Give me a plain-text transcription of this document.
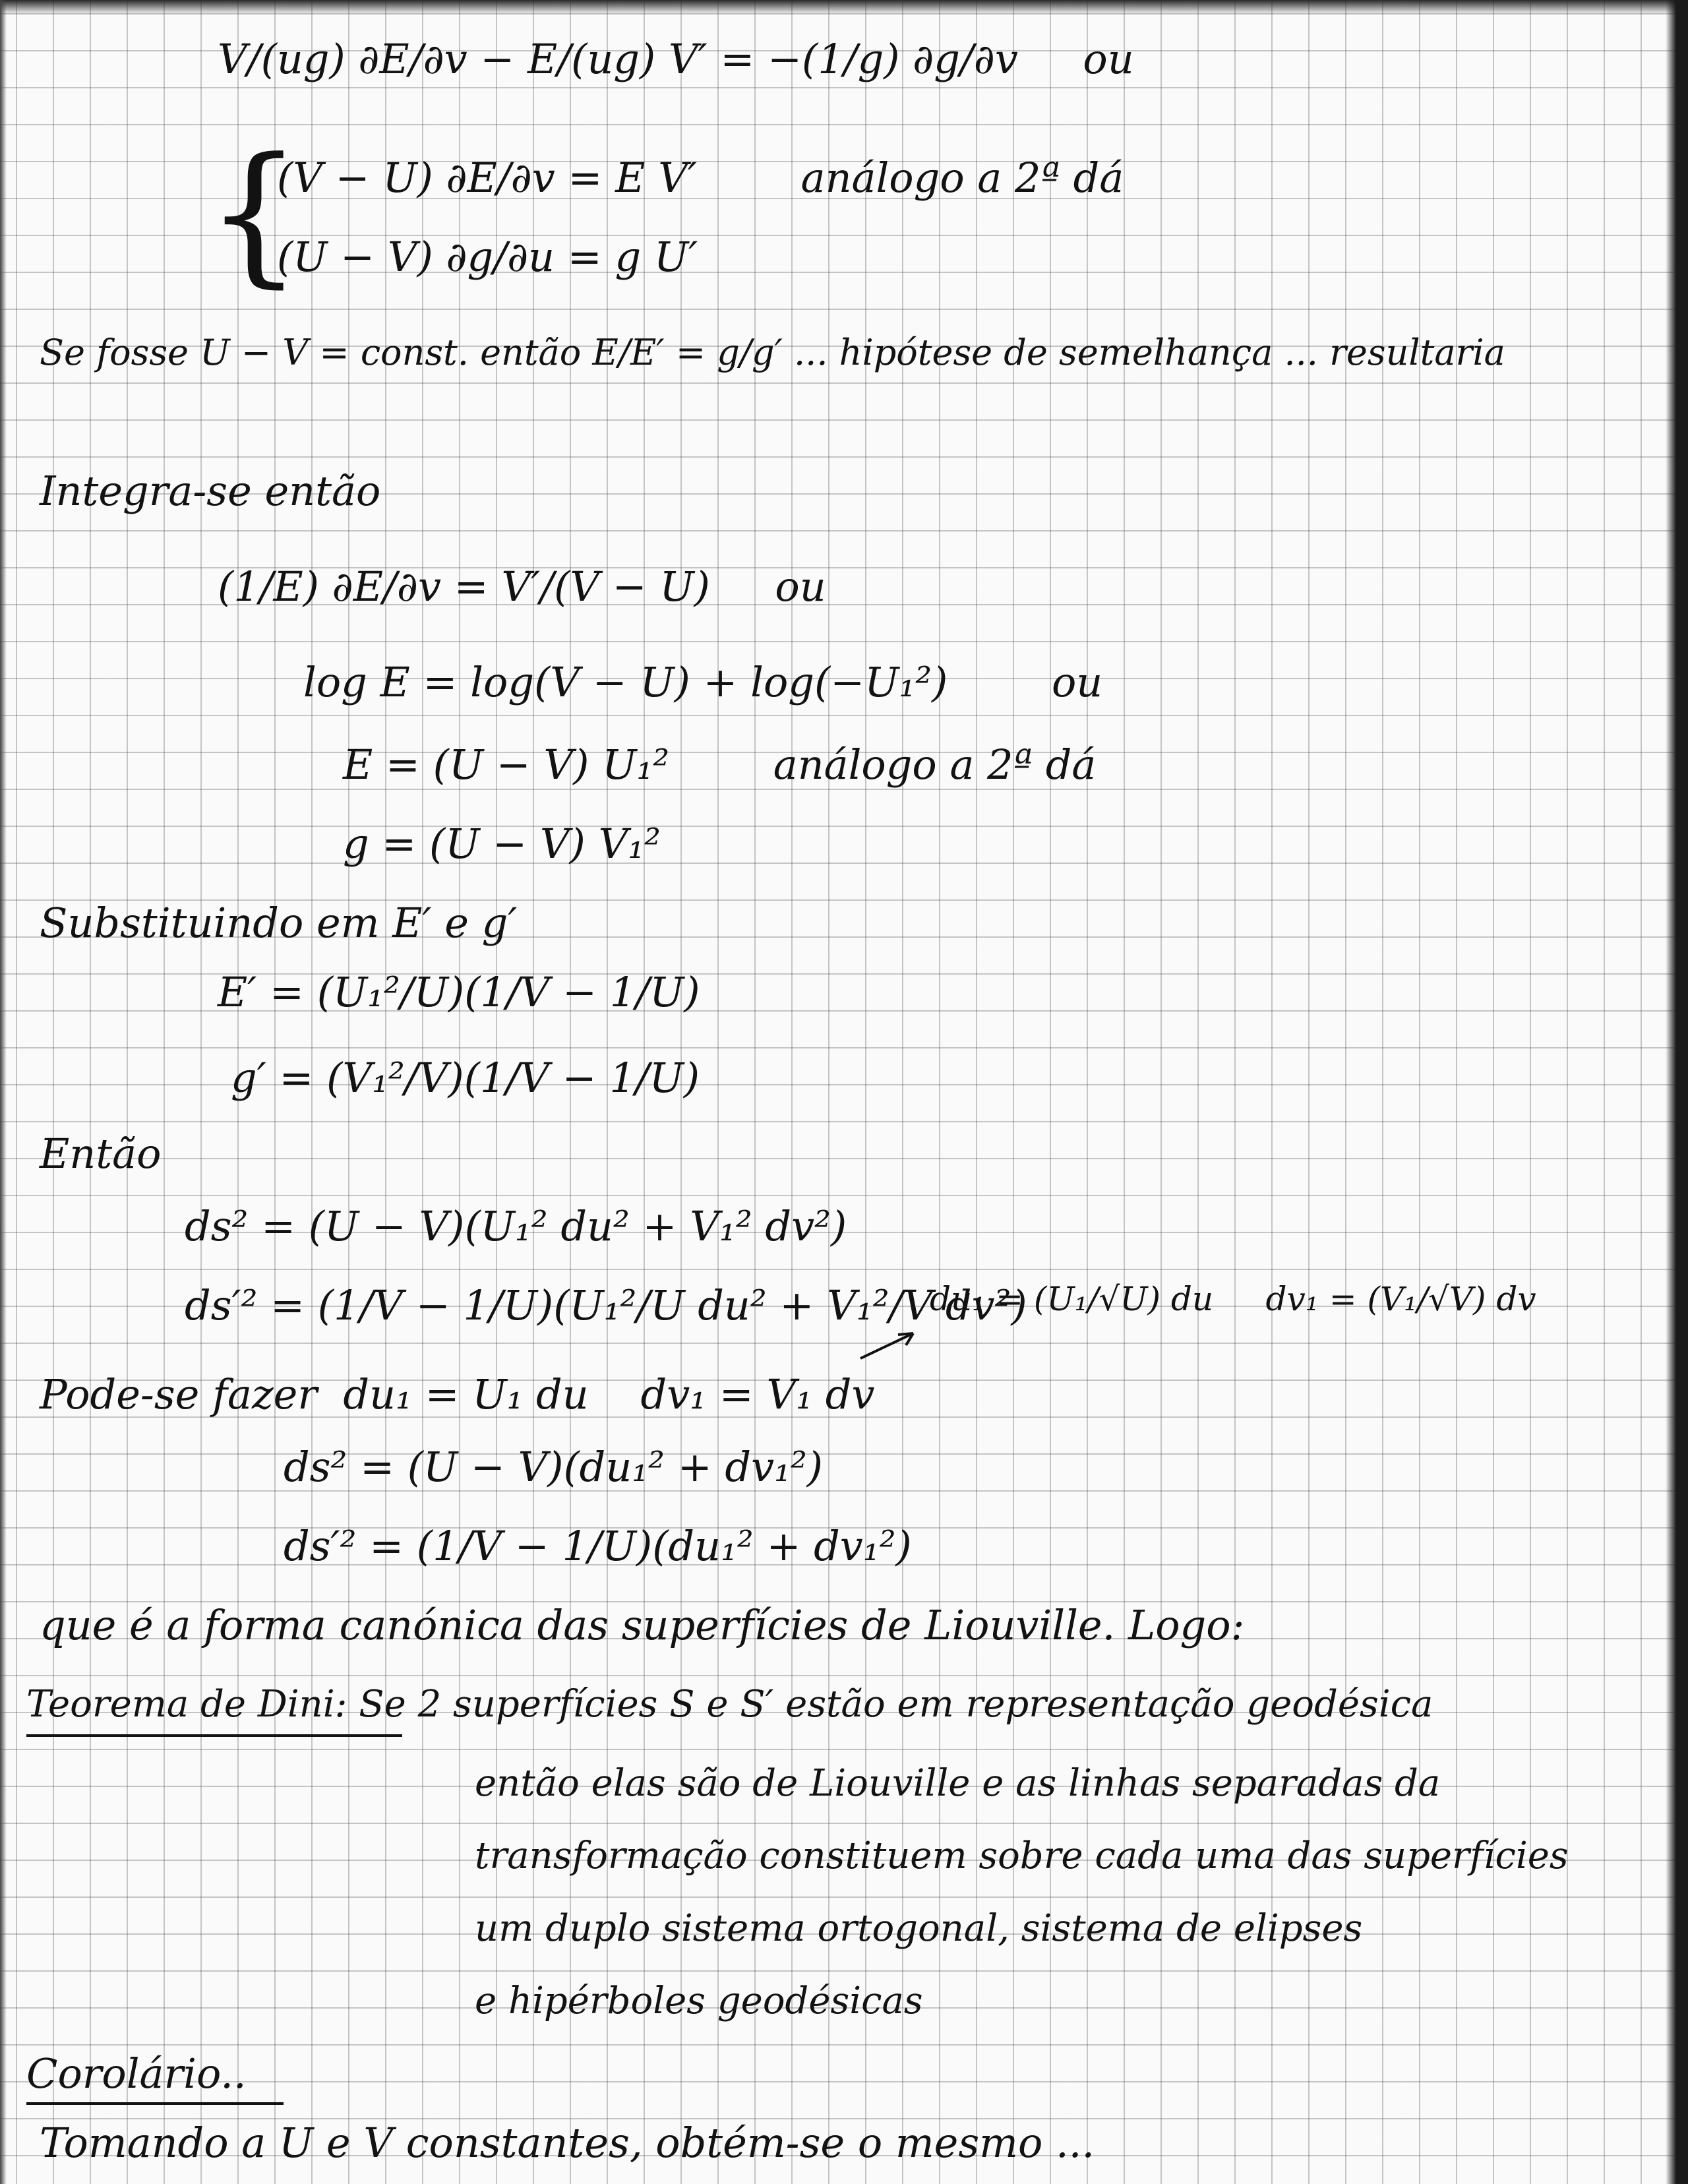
V/(ug) ∂E/∂v − E/(ug) V′ = −(1/g) ∂g/∂v     ou
{
(V − U) ∂E/∂v = E V′        análogo a 2ª dá
(U − V) ∂g/∂u = g U′
Se fosse U − V = const. então E/E′ = g/g′ ... hipótese de semelhança ... resultaria
Integra-se então
(1/E) ∂E/∂v = V′/(V − U)     ou
log E = log(V − U) + log(−U₁²)        ou
E = (U − V) U₁²        análogo a 2ª dá
g = (U − V) V₁²
Substituindo em E′ e g′
E′ = (U₁²/U)(1/V − 1/U)
g′ = (V₁²/V)(1/V − 1/U)
Então
ds² = (U − V)(U₁² du² + V₁² dv²)
ds′² = (1/V − 1/U)(U₁²/U du² + V₁²/V dv²)
du₁ = (U₁/√U) du     dv₁ = (V₁/√V) dv
Pode-se fazer  du₁ = U₁ du    dv₁ = V₁ dv
ds² = (U − V)(du₁² + dv₁²)
ds′² = (1/V − 1/U)(du₁² + dv₁²)
que é a forma canónica das superfícies de Liouville. Logo:
Teorema de Dini: Se 2 superfícies S e S′ estão em representação geodésica
então elas são de Liouville e as linhas separadas da
transformação constituem sobre cada uma das superfícies
um duplo sistema ortogonal, sistema de elipses
e hipérboles geodésicas
Corolário..
Tomando a U e V constantes, obtém-se o mesmo ...
